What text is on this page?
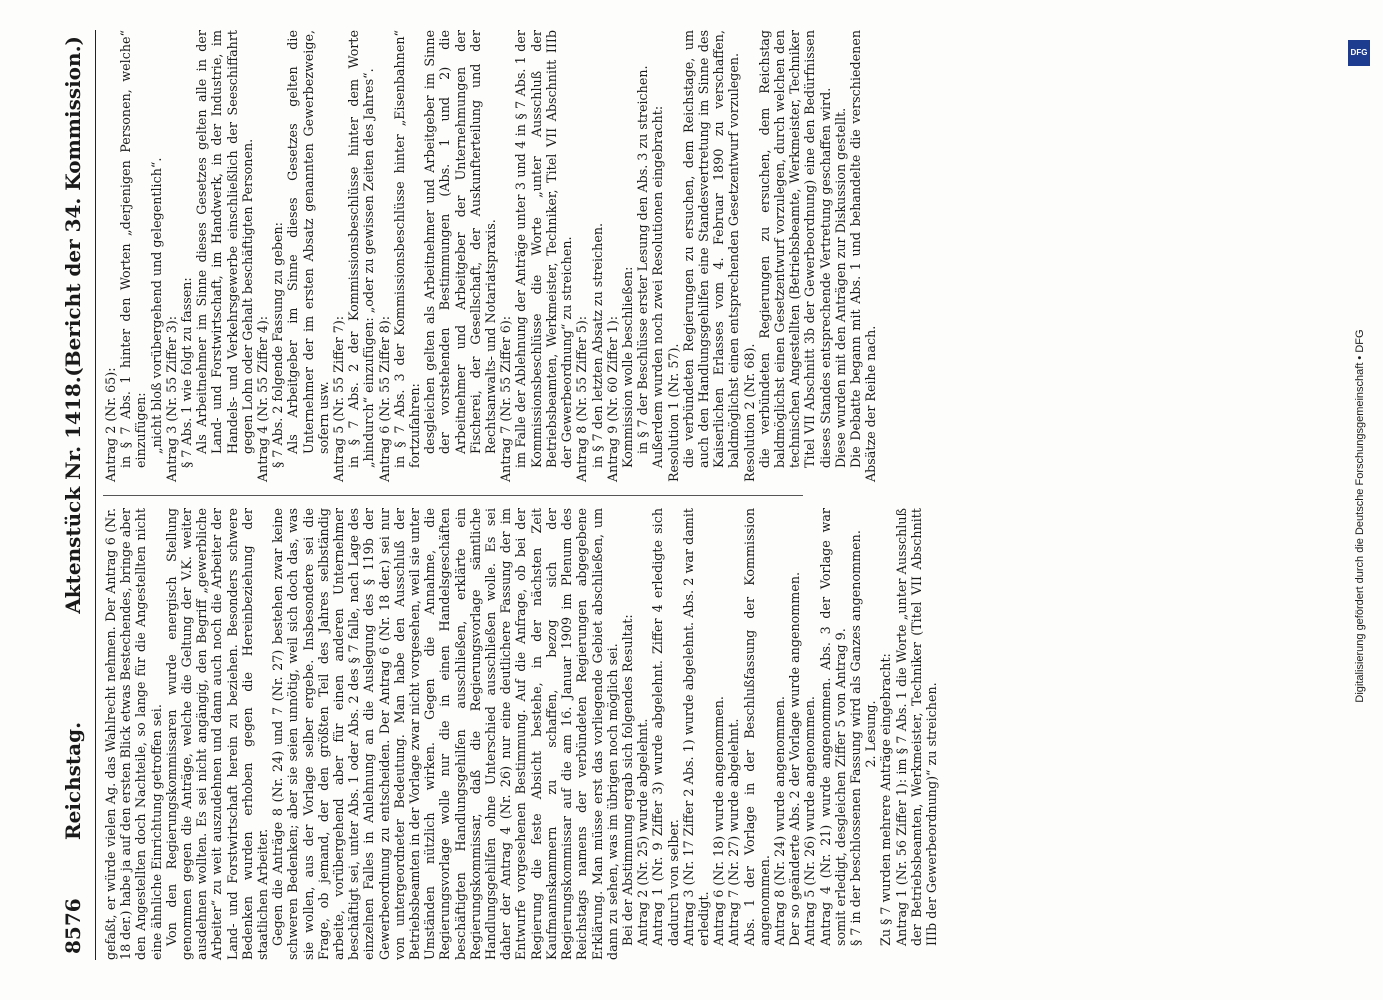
8576
Reichstag.
Aktenstück Nr. 1418.
(Bericht der 34. Kommission.)

gefaßt, er würde vielen Ag. das Wahlrecht nehmen. Der Antrag 6 (Nr. 18 der.) habe ja auf den ersten Blick etwas Bestechendes, bringe aber den Angestellten doch Nachteile, so lange für die Angestellten nicht eine ähnliche Einrichtung getroffen sei. Von den Regierungskommissaren wurde energisch Stellung genommen gegen die Anträge, welche die Geltung der V.K. weiter ausdehnen wollten. Es sei nicht angängig, den Begriff „gewerbliche Arbeiter“ zu weit auszudehnen und dann auch noch die Arbeiter der Land- und Forstwirtschaft herein zu beziehen. Besonders schwere Bedenken wurden erhoben gegen die Hereinbeziehung der staatlichen Arbeiter. Gegen die Anträge 8 (Nr. 24) und 7 (Nr. 27) bestehen zwar keine schweren Bedenken; aber sie seien unnötig, weil sich doch das, was sie wollen, aus der Vorlage selber ergebe. Insbesondere sei die Frage, ob jemand, der den größten Teil des Jahres selbständig arbeite, vorübergehend aber für einen anderen Unternehmer beschäftigt sei, unter Abs. 1 oder Abs. 2 des § 7 falle, nach Lage des einzelnen Falles in Anlehnung an die Auslegung des § 119b der Gewerbeordnung zu entscheiden. Der Antrag 6 (Nr. 18 der.) sei nur von untergeordneter Bedeutung. Man habe den Ausschluß der Betriebsbeamten in der Vorlage zwar nicht vorgesehen, weil sie unter Umständen nützlich wirken. Gegen die Annahme, die Regierungsvorlage wolle nur die in einen Handelsgeschäften beschäftigten Handlungsgehilfen ausschließen, erklärte ein Regierungskommissar, daß die Regierungsvorlage sämtliche Handlungsgehilfen ohne Unterschied ausschließen wolle. Es sei daher der Antrag 4 (Nr. 26) nur eine deutlichere Fassung der im Entwurfe vorgesehenen Bestimmung. Auf die Anfrage, ob bei der Regierung die feste Absicht bestehe, in der nächsten Zeit Kaufmannskammern zu schaffen, bezog sich der Regierungskommissar auf die am 16. Januar 1909 im Plenum des Reichstags namens der verbündeten Regierungen abgegebene Erklärung. Man müsse erst das vorliegende Gebiet abschließen, um dann zu sehen, was im übrigen noch möglich sei. Bei der Abstimmung ergab sich folgendes Resultat: Antrag 2 (Nr. 25) wurde abgelehnt. Antrag 1 (Nr. 9 Ziffer 3) wurde abgelehnt. Ziffer 4 erledigte sich dadurch von selber. Antrag 3 (Nr. 17 Ziffer 2 Abs. 1) wurde abgelehnt. Abs. 2 war damit erledigt. Antrag 6 (Nr. 18) wurde angenommen. Antrag 7 (Nr. 27) wurde abgelehnt. Abs. 1 der Vorlage in der Beschlußfassung der Kommission angenommen. Antrag 8 (Nr. 24) wurde angenommen. Der so geänderte Abs. 2 der Vorlage wurde angenommen. Antrag 5 (Nr. 26) wurde angenommen. Antrag 4 (Nr. 21) wurde angenommen. Abs. 3 der Vorlage war somit erledigt, desgleichen Ziffer 5 von Antrag 9. § 7 in der beschlossenen Fassung wird als Ganzes angenommen. 2. Lesung. Zu § 7 wurden mehrere Anträge eingebracht: Antrag 1 (Nr. 56 Ziffer 1): im § 7 Abs. 1 die Worte „unter Ausschluß der Betriebsbeamten, Werkmeister, Techniker (Titel VII Abschnitt IIIb der Gewerbeordnung)“ zu streichen.

Antrag 2 (Nr. 65): in § 7 Abs. 1 hinter den Worten „derjenigen Personen, welche“ einzufügen: „nicht bloß vorübergehend und gelegentlich“. Antrag 3 (Nr. 55 Ziffer 3): § 7 Abs. 1 wie folgt zu fassen: Als Arbeitnehmer im Sinne dieses Gesetzes gelten alle in der Land- und Forstwirtschaft, im Handwerk, in der Industrie, im Handels- und Verkehrsgewerbe einschließlich der Seeschiffahrt gegen Lohn oder Gehalt beschäftigten Personen. Antrag 4 (Nr. 55 Ziffer 4): § 7 Abs. 2 folgende Fassung zu geben: Als Arbeitgeber im Sinne dieses Gesetzes gelten die Unternehmer der im ersten Absatz genannten Gewerbezweige, sofern usw. Antrag 5 (Nr. 55 Ziffer 7): in § 7 Abs. 2 der Kommissionsbeschlüsse hinter dem Worte „hindurch“ einzufügen: „oder zu gewissen Zeiten des Jahres“. Antrag 6 (Nr. 55 Ziffer 8): in § 7 Abs. 3 der Kommissionsbeschlüsse hinter „Eisenbahnen“ fortzufahren: desgleichen gelten als Arbeitnehmer und Arbeitgeber im Sinne der vorstehenden Bestimmungen (Abs. 1 und 2) die Arbeitnehmer und Arbeitgeber der Unternehmungen der Fischerei, der Gesellschaft, der Auskunfterteilung und der Rechtsanwalts- und Notariatspraxis. Antrag 7 (Nr. 55 Ziffer 6): im Falle der Ablehnung der Anträge unter 3 und 4 in § 7 Abs. 1 der Kommissionsbeschlüsse die Worte „unter Ausschluß der Betriebsbeamten, Werkmeister, Techniker, Titel VII Abschnitt IIIb der Gewerbeordnung“ zu streichen. Antrag 8 (Nr. 55 Ziffer 5): in § 7 den letzten Absatz zu streichen. Antrag 9 (Nr. 60 Ziffer 1): Kommission wolle beschließen: in § 7 der Beschlüsse erster Lesung den Abs. 3 zu streichen. Außerdem wurden noch zwei Resolutionen eingebracht: Resolution 1 (Nr. 57). die verbündeten Regierungen zu ersuchen, dem Reichstage, um auch den Handlungsgehilfen eine Standesvertretung im Sinne des Kaiserlichen Erlasses vom 4. Februar 1890 zu verschaffen, baldmöglichst einen entsprechenden Gesetzentwurf vorzulegen. Resolution 2 (Nr. 68). die verbündeten Regierungen zu ersuchen, dem Reichstag baldmöglichst einen Gesetzentwurf vorzulegen, durch welchen den technischen Angestellten (Betriebsbeamte, Werkmeister, Techniker Titel VII Abschnitt 3b der Gewerbeordnung) eine den Bedürfnissen dieses Standes entsprechende Vertretung geschaffen wird. Diese wurden mit den Anträgen zur Diskussion gestellt. Die Debatte begann mit Abs. 1 und behandelte die verschiedenen Absätze der Reihe nach.

DFG
Digitalisierung gefördert durch die Deutsche Forschungsgemeinschaft • DFG
